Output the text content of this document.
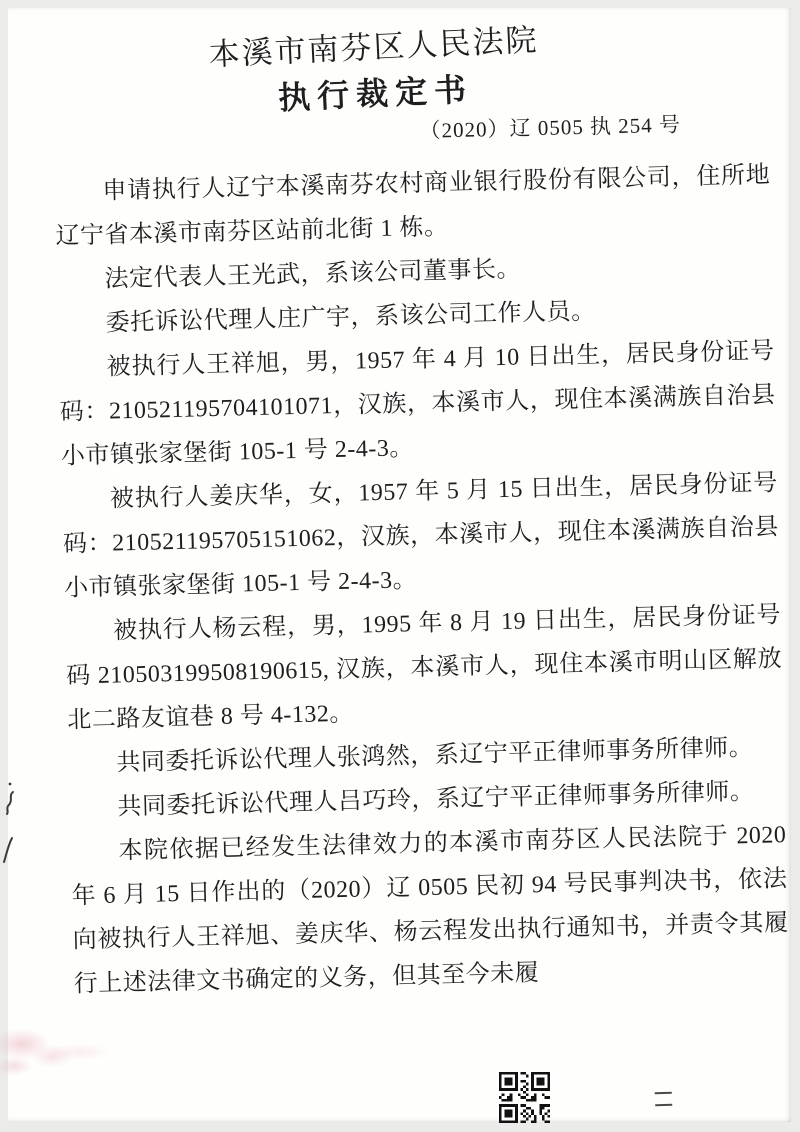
本溪市南芬区人民法院
执行裁定书
（2020）辽 0505 执 254 号

申请执行人辽宁本溪南芬农村商业银行股份有限公司，住所地辽宁省本溪市南芬区站前北街 1 栋。

法定代表人王光武，系该公司董事长。

委托诉讼代理人庄广宇，系该公司工作人员。

被执行人王祥旭，男，1957 年 4 月 10 日出生，居民身份证号码：210521195704101071，汉族，本溪市人，现住本溪满族自治县小市镇张家堡街 105-1 号 2-4-3。

被执行人姜庆华，女，1957 年 5 月 15 日出生，居民身份证号码：210521195705151062，汉族，本溪市人，现住本溪满族自治县小市镇张家堡街 105-1 号 2-4-3。

被执行人杨云程，男，1995 年 8 月 19 日出生，居民身份证号码 210503199508190615, 汉族，本溪市人，现住本溪市明山区解放北二路友谊巷 8 号 4-132。

共同委托诉讼代理人张鸿然，系辽宁平正律师事务所律师。

共同委托诉讼代理人吕巧玲，系辽宁平正律师事务所律师。

本院依据已经发生法律效力的本溪市南芬区人民法院于 2020 年 6 月 15 日作出的（2020）辽 0505 民初 94 号民事判决书，依法向被执行人王祥旭、姜庆华、杨云程发出执行通知书，并责令其履行上述法律文书确定的义务，但其至今未履
